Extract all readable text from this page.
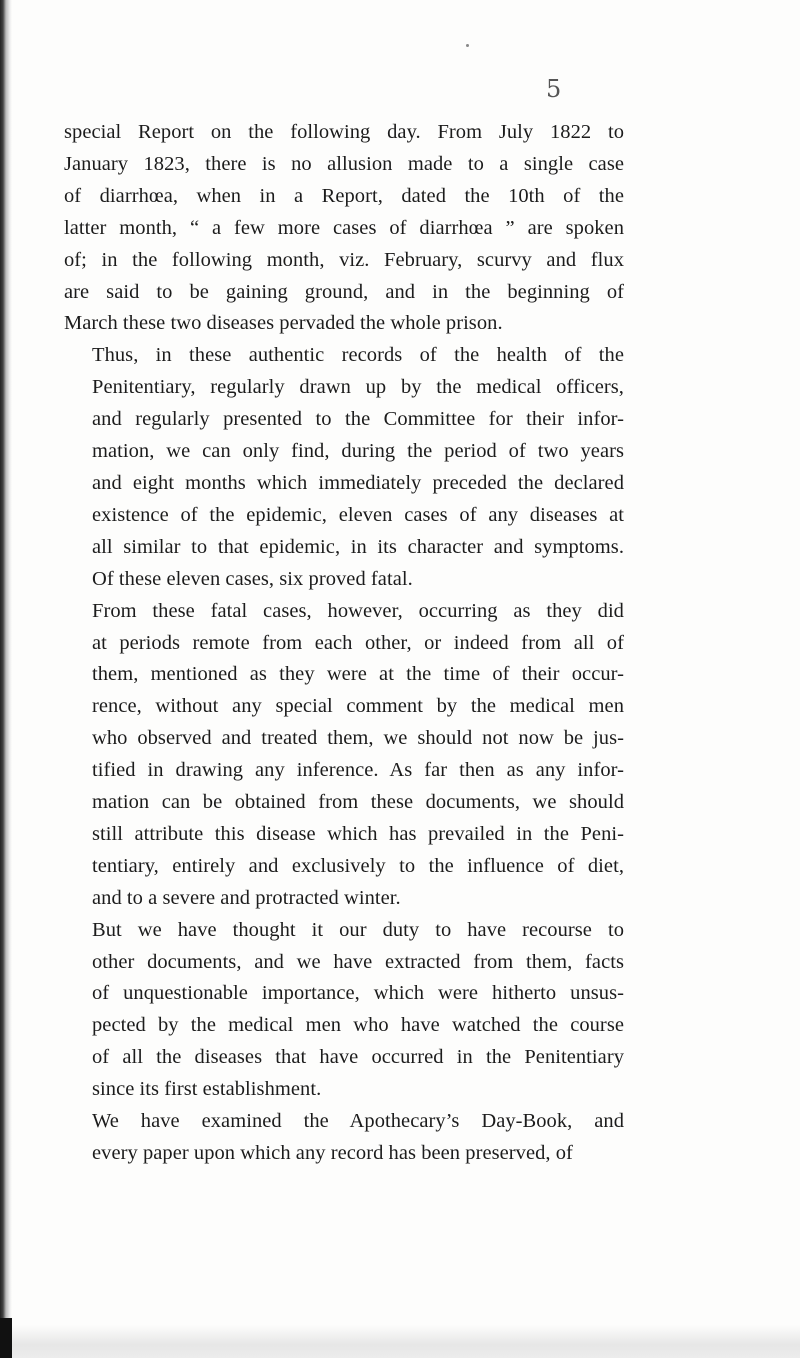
5

special Report on the following day. From July 1822 to
January 1823, there is no allusion made to a single case
of diarrhœa, when in a Report, dated the 10th of the
latter month, “ a few more cases of diarrhœa ” are spoken
of; in the following month, viz. February, scurvy and flux
are said to be gaining ground, and in the beginning of
March these two diseases pervaded the whole prison.

Thus, in these authentic records of the health of the
Penitentiary, regularly drawn up by the medical officers,
and regularly presented to the Committee for their infor-
mation, we can only find, during the period of two years
and eight months which immediately preceded the declared
existence of the epidemic, eleven cases of any diseases at
all similar to that epidemic, in its character and symptoms.
Of these eleven cases, six proved fatal.

From these fatal cases, however, occurring as they did
at periods remote from each other, or indeed from all of
them, mentioned as they were at the time of their occur-
rence, without any special comment by the medical men
who observed and treated them, we should not now be jus-
tified in drawing any inference. As far then as any infor-
mation can be obtained from these documents, we should
still attribute this disease which has prevailed in the Peni-
tentiary, entirely and exclusively to the influence of diet,
and to a severe and protracted winter.

But we have thought it our duty to have recourse to
other documents, and we have extracted from them, facts
of unquestionable importance, which were hitherto unsus-
pected by the medical men who have watched the course
of all the diseases that have occurred in the Penitentiary
since its first establishment.

We have examined the Apothecary’s Day-Book, and
every paper upon which any record has been preserved, of
